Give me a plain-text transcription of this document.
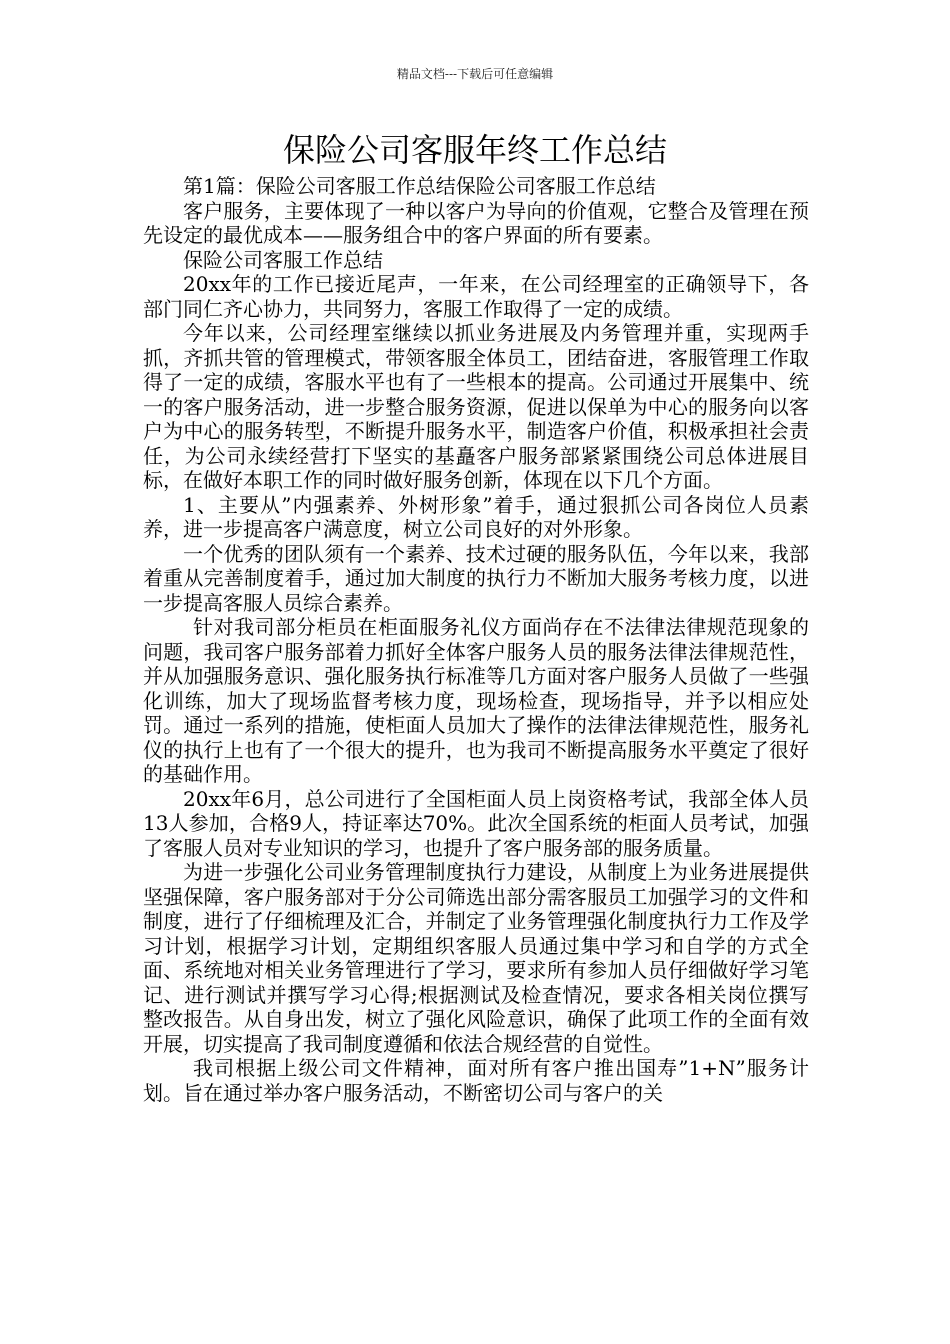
精品文档---下载后可任意编辑
保险公司客服年终工作总结

第1篇：保险公司客服工作总结保险公司客服工作总结

客户服务，主要体现了一种以客户为导向的价值观，它整合及管理在预先设定的最优成本——服务组合中的客户界面的所有要素。

保险公司客服工作总结

20xx年的工作已接近尾声，一年来，在公司经理室的正确领导下，各部门同仁齐心协力，共同努力，客服工作取得了一定的成绩。

今年以来，公司经理室继续以抓业务进展及内务管理并重，实现两手抓，齐抓共管的管理模式，带领客服全体员工，团结奋进，客服管理工作取得了一定的成绩，客服水平也有了一些根本的提高。公司通过开展集中、统一的客户服务活动，进一步整合服务资源，促进以保单为中心的服务向以客户为中心的服务转型，不断提升服务水平，制造客户价值，积极承担社会责任，为公司永续经营打下坚实的基矗客户服务部紧紧围绕公司总体进展目标，在做好本职工作的同时做好服务创新，体现在以下几个方面。

1、主要从”内强素养、外树形象”着手，通过狠抓公司各岗位人员素养，进一步提高客户满意度，树立公司良好的对外形象。

一个优秀的团队须有一个素养、技术过硬的服务队伍，今年以来，我部着重从完善制度着手，通过加大制度的执行力不断加大服务考核力度，以进一步提高客服人员综合素养。

针对我司部分柜员在柜面服务礼仪方面尚存在不法律法律规范现象的问题，我司客户服务部着力抓好全体客户服务人员的服务法律法律规范性，并从加强服务意识、强化服务执行标准等几方面对客户服务人员做了一些强化训练，加大了现场监督考核力度，现场检查，现场指导，并予以相应处罚。通过一系列的措施，使柜面人员加大了操作的法律法律规范性，服务礼仪的执行上也有了一个很大的提升，也为我司不断提高服务水平奠定了很好的基础作用。

20xx年6月，总公司进行了全国柜面人员上岗资格考试，我部全体人员13人参加，合格9人，持证率达70%。此次全国系统的柜面人员考试，加强了客服人员对专业知识的学习，也提升了客户服务部的服务质量。

为进一步强化公司业务管理制度执行力建设，从制度上为业务进展提供坚强保障，客户服务部对于分公司筛选出部分需客服员工加强学习的文件和制度，进行了仔细梳理及汇合，并制定了业务管理强化制度执行力工作及学习计划，根据学习计划，定期组织客服人员通过集中学习和自学的方式全面、系统地对相关业务管理进行了学习，要求所有参加人员仔细做好学习笔记、进行测试并撰写学习心得;根据测试及检查情况，要求各相关岗位撰写整改报告。从自身出发，树立了强化风险意识，确保了此项工作的全面有效开展，切实提高了我司制度遵循和依法合规经营的自觉性。

我司根据上级公司文件精神，面对所有客户推出国寿”1+N”服务计划。旨在通过举办客户服务活动，不断密切公司与客户的关
